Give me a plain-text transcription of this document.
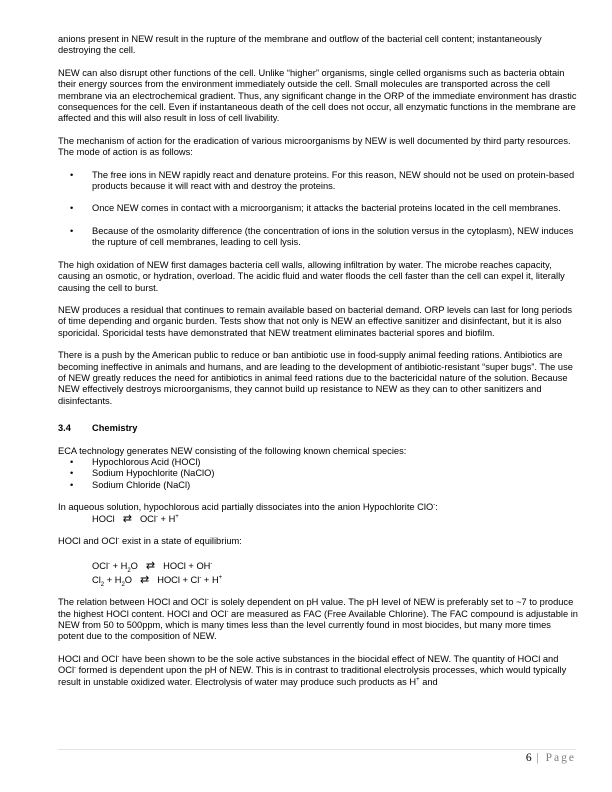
anions present in NEW result in the rupture of the membrane and outflow of the bacterial cell content; instantaneously destroying the cell.

NEW can also disrupt other functions of the cell. Unlike “higher” organisms, single celled organisms such as bacteria obtain their energy sources from the environment immediately outside the cell. Small molecules are transported across the cell membrane via an electrochemical gradient. Thus, any significant change in the ORP of the immediate environment has drastic consequences for the cell. Even if instantaneous death of the cell does not occur, all enzymatic functions in the membrane are affected and this will also result in loss of cell livability.

The mechanism of action for the eradication of various microorganisms by NEW is well documented by third party resources. The mode of action is as follows:

• The free ions in NEW rapidly react and denature proteins. For this reason, NEW should not be used on protein-based products because it will react with and destroy the proteins.
• Once NEW comes in contact with a microorganism; it attacks the bacterial proteins located in the cell membranes.
• Because of the osmolarity difference (the concentration of ions in the solution versus in the cytoplasm), NEW induces the rupture of cell membranes, leading to cell lysis.

The high oxidation of NEW first damages bacteria cell walls, allowing infiltration by water. The microbe reaches capacity, causing an osmotic, or hydration, overload. The acidic fluid and water floods the cell faster than the cell can expel it, literally causing the cell to burst.

NEW produces a residual that continues to remain available based on bacterial demand. ORP levels can last for long periods of time depending and organic burden. Tests show that not only is NEW an effective sanitizer and disinfectant, but it is also sporicidal. Sporicidal tests have demonstrated that NEW treatment eliminates bacterial spores and biofilm.

There is a push by the American public to reduce or ban antibiotic use in food-supply animal feeding rations. Antibiotics are becoming ineffective in animals and humans, and are leading to the development of antibiotic-resistant “super bugs”. The use of NEW greatly reduces the need for antibiotics in animal feed rations due to the bactericidal nature of the solution. Because NEW effectively destroys microorganisms, they cannot build up resistance to NEW as they can to other sanitizers and disinfectants.

3.4 Chemistry

ECA technology generates NEW consisting of the following known chemical species:

• Hypochlorous Acid (HOCl)
• Sodium Hypochlorite (NaClO)
• Sodium Chloride (NaCl)

In aqueous solution, hypochlorous acid partially dissociates into the anion Hypochlorite ClO-:

HOCl ⇄ OCl- + H+

HOCl and OCl- exist in a state of equilibrium:

$OCl^- + H_2O$ ⇄ HOCl + OH-
$Cl_2 + H_2O$ ⇄ HOCl + Cl- + H+

The relation between HOCl and OCl- is solely dependent on pH value. The pH level of NEW is preferably set to ~7 to produce the highest HOCl content. HOCl and OCl- are measured as FAC (Free Available Chlorine). The FAC compound is adjustable in NEW from 50 to 500ppm, which is many times less than the level currently found in most biocides, but many more times potent due to the composition of NEW.

HOCl and OCl- have been shown to be the sole active substances in the biocidal effect of NEW. The quantity of HOCl and OCl- formed is dependent upon the pH of NEW. This is in contrast to traditional electrolysis processes, which would typically result in unstable oxidized water. Electrolysis of water may produce such products as H+ and

6 | Page
